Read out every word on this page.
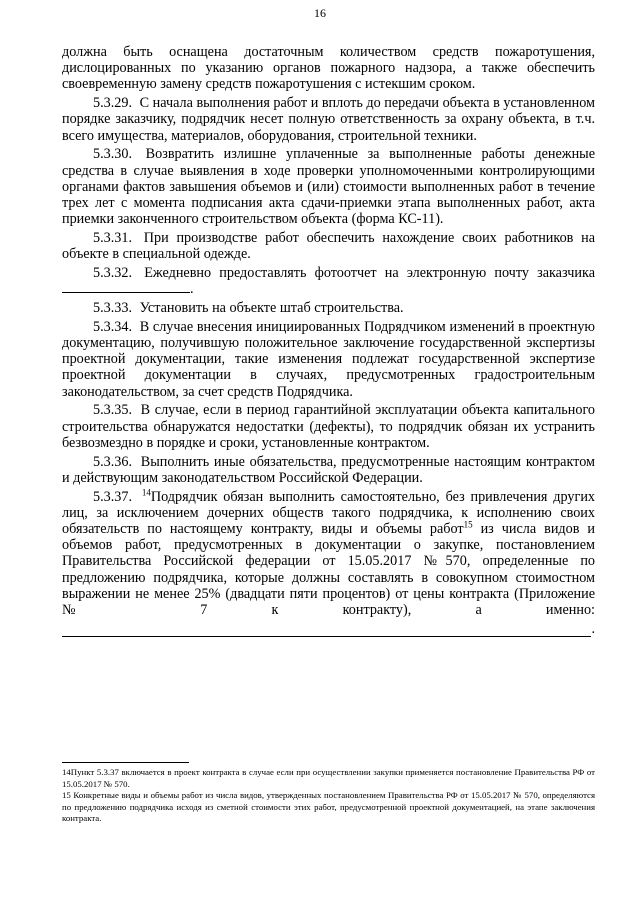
16

должна быть оснащена достаточным количеством средств пожаротушения, дислоцированных по указанию органов пожарного надзора, а также обеспечить своевременную замену средств пожаротушения с истекшим сроком.

5.3.29. С начала выполнения работ и вплоть до передачи объекта в установленном порядке заказчику, подрядчик несет полную ответственность за охрану объекта, в т.ч. всего имущества, материалов, оборудования, строительной техники.

5.3.30. Возвратить излишне уплаченные за выполненные работы денежные средства в случае выявления в ходе проверки уполномоченными контролирующими органами фактов завышения объемов и (или) стоимости выполненных работ в течение трех лет с момента подписания акта сдачи-приемки этапа выполненных работ, акта приемки законченного строительством объекта (форма КС-11).

5.3.31. При производстве работ обеспечить нахождение своих работников на объекте в специальной одежде.

5.3.32. Ежедневно предоставлять фотоотчет на электронную почту заказчика .

5.3.33. Установить на объекте штаб строительства.

5.3.34. В случае внесения инициированных Подрядчиком изменений в проектную документацию, получившую положительное заключение государственной экспертизы проектной документации, такие изменения подлежат государственной экспертизе проектной документации в случаях, предусмотренных градостроительным законодательством, за счет средств Подрядчика.

5.3.35. В случае, если в период гарантийной эксплуатации объекта капитального строительства обнаружатся недостатки (дефекты), то подрядчик обязан их устранить безвозмездно в порядке и сроки, установленные контрактом.

5.3.36. Выполнить иные обязательства, предусмотренные настоящим контрактом и действующим законодательством Российской Федерации.

5.3.37. $^{14}$Подрядчик обязан выполнить самостоятельно, без привлечения других лиц, за исключением дочерних обществ такого подрядчика, к исполнению своих обязательств по настоящему контракту, виды и объемы работ$^{15}$ из числа видов и объемов работ, предусмотренных в документации о закупке, постановлением Правительства Российской федерации от 15.05.2017 №570, определенные по предложению подрядчика, которые должны составлять в совокупном стоимостном выражении не менее 25% (двадцати пяти процентов) от цены контракта (Приложение № 7 к контракту), а именно:

.

14Пункт 5.3.37 включается в проект контракта в случае если при осуществлении закупки применяется постановление Правительства РФ от 15.05.2017 № 570.

15 Конкретные виды и объемы работ из числа видов, утвержденных постановлением Правительства РФ от 15.05.2017 № 570, определяются по предложению подрядчика исходя из сметной стоимости этих работ, предусмотренной проектной документацией, на этапе заключения контракта.
